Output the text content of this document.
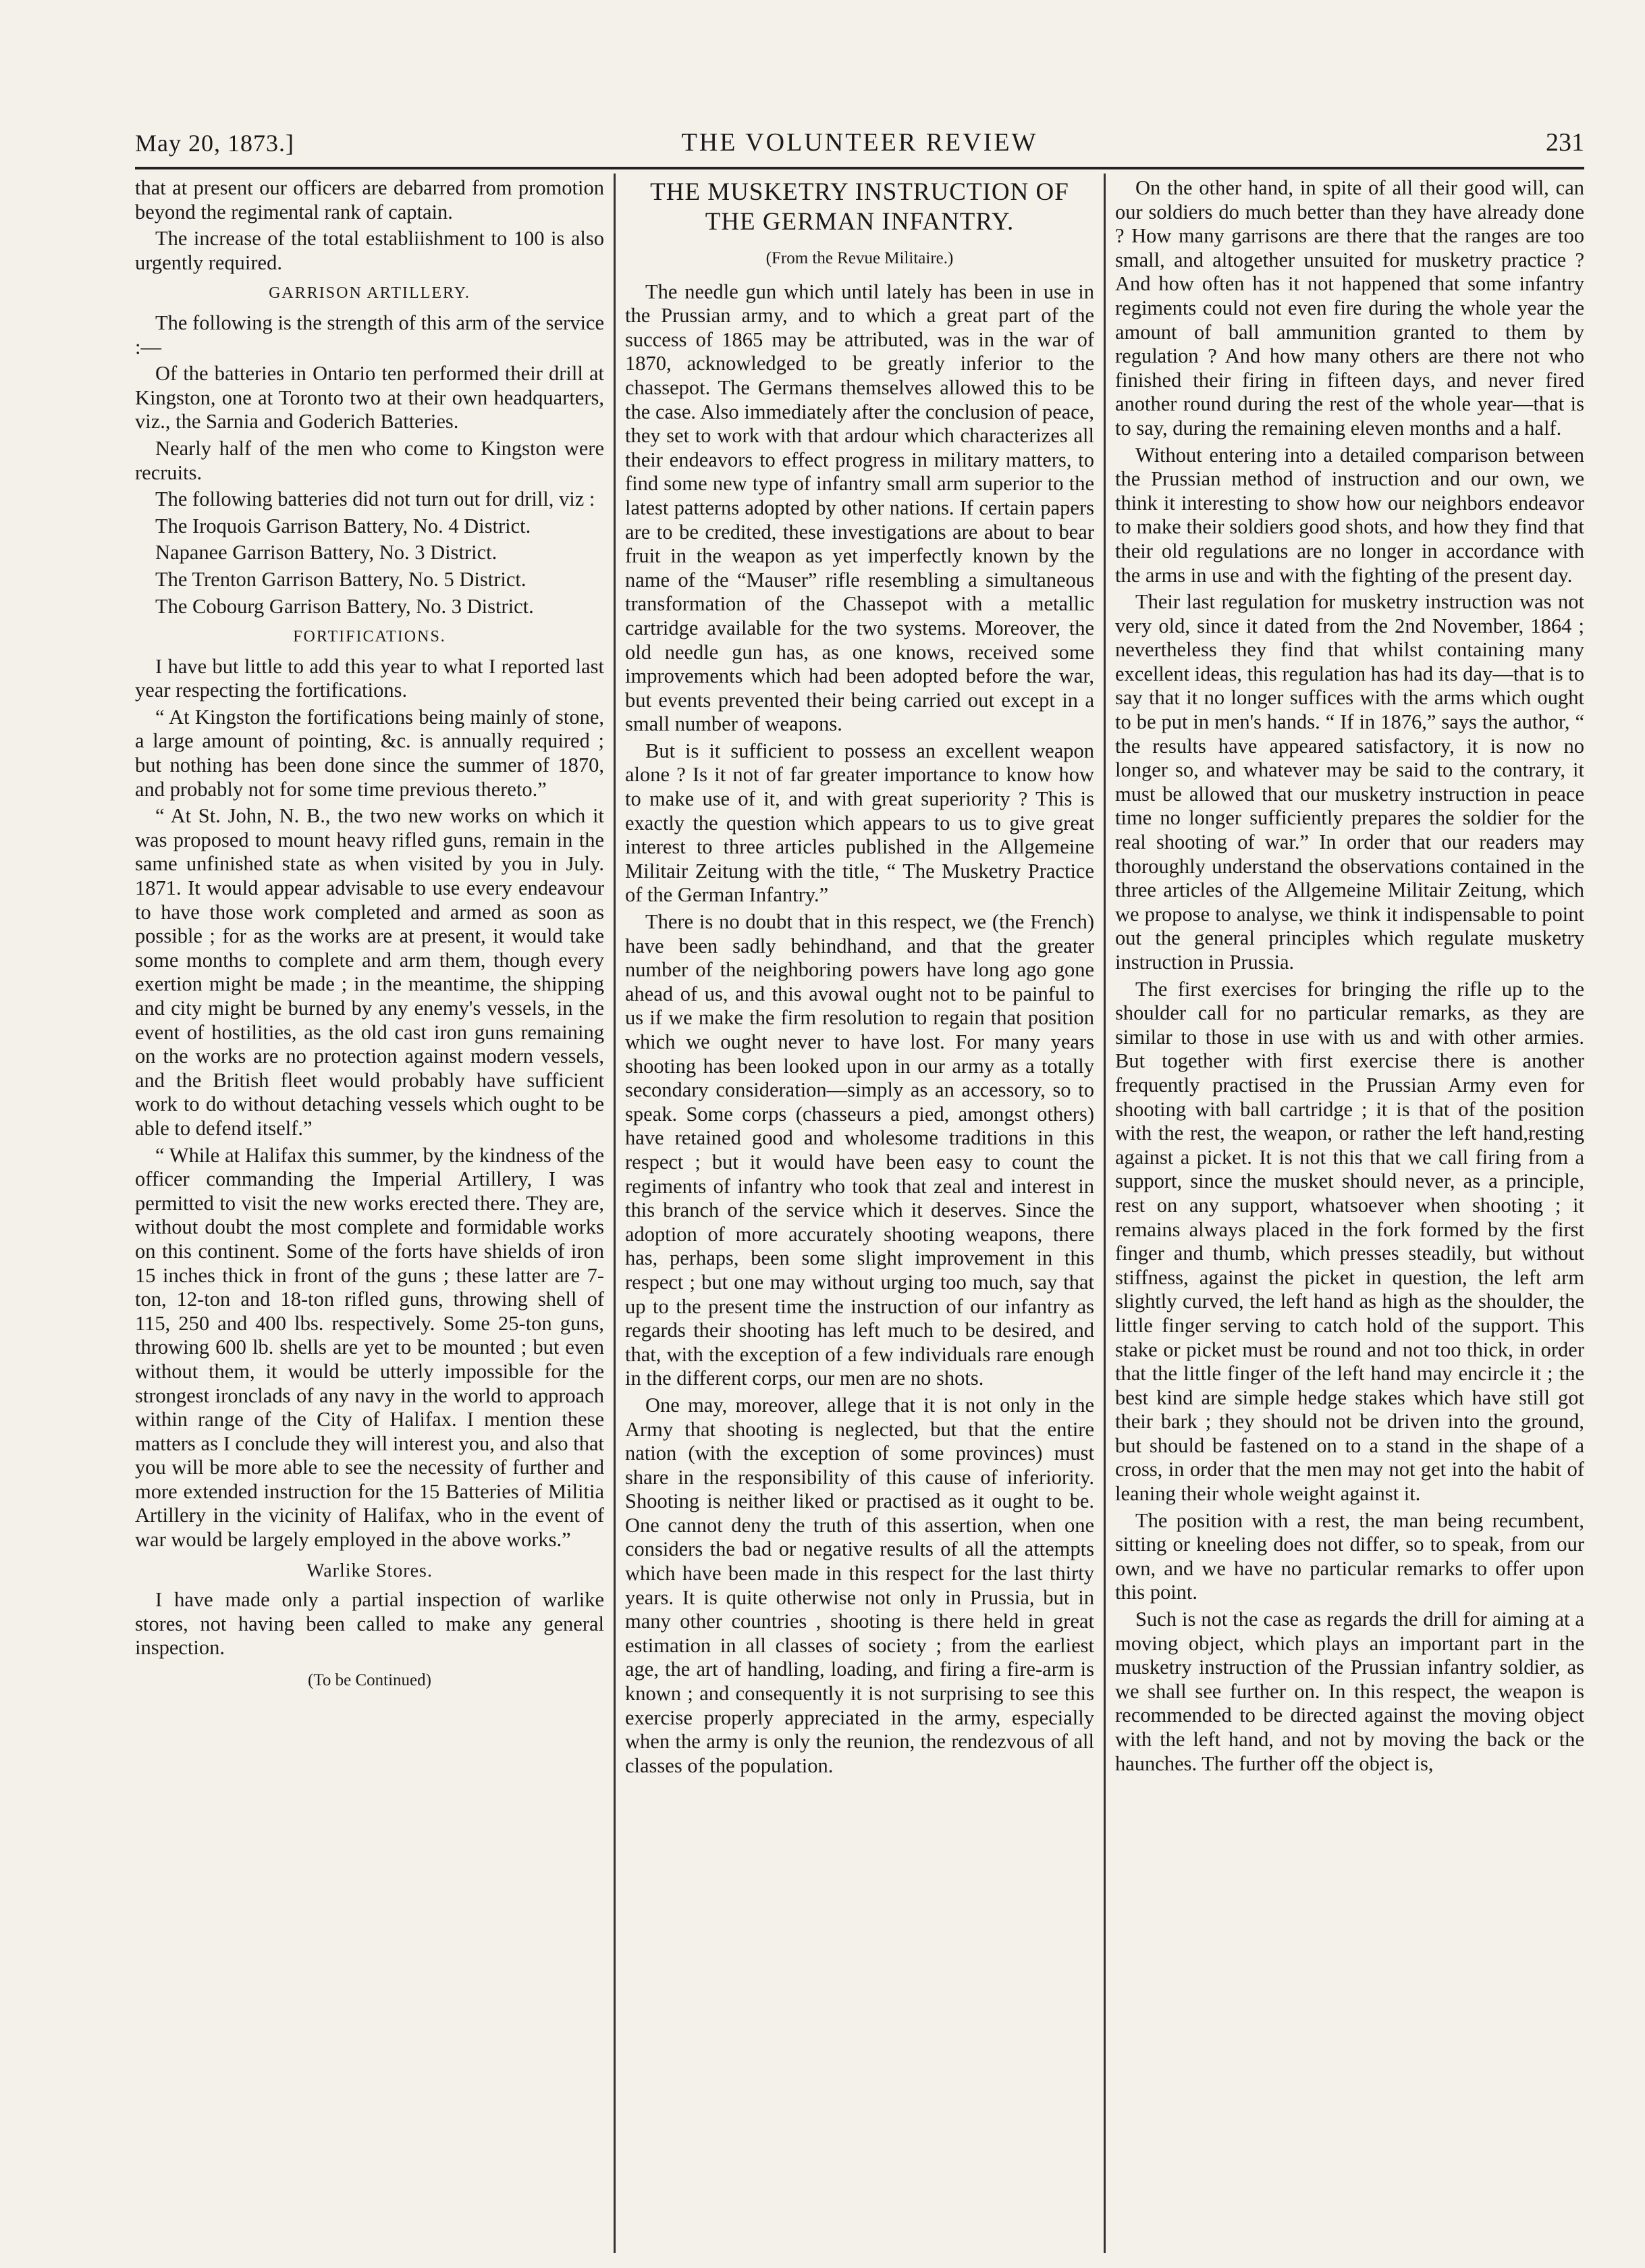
May 20, 1873.]	THE VOLUNTEER REVIEW	231

that at present our officers are debarred from promotion beyond the regimental rank of captain.

The increase of the total establiishment to 100 is also urgently required.

GARRISON ARTILLERY.

The following is the strength of this arm of the service :—

Of the batteries in Ontario ten performed their drill at Kingston, one at Toronto two at their own headquarters, viz., the Sarnia and Goderich Batteries.

Nearly half of the men who come to Kingston were recruits.

The following batteries did not turn out for drill, viz :

The Iroquois Garrison Battery, No. 4 District.

Napanee Garrison Battery, No. 3 District.

The Trenton Garrison Battery, No. 5 District.

The Cobourg Garrison Battery, No. 3 District.

FORTIFICATIONS.

I have but little to add this year to what I reported last year respecting the fortifications.

“ At Kingston the fortifications being mainly of stone, a large amount of pointing, &c. is annually required ; but nothing has been done since the summer of 1870, and probably not for some time previous thereto.”

“ At St. John, N. B., the two new works on which it was proposed to mount heavy rifled guns, remain in the same unfinished state as when visited by you in July. 1871. It would appear advisable to use every endeavour to have those work completed and armed as soon as possible ; for as the works are at present, it would take some months to complete and arm them, though every exertion might be made ; in the meantime, the shipping and city might be burned by any enemy's vessels, in the event of hostilities, as the old cast iron guns remaining on the works are no protection against modern vessels, and the British fleet would probably have sufficient work to do without detaching vessels which ought to be able to defend itself.”

“ While at Halifax this summer, by the kindness of the officer commanding the Imperial Artillery, I was permitted to visit the new works erected there. They are, without doubt the most complete and formidable works on this continent. Some of the forts have shields of iron 15 inches thick in front of the guns ; these latter are 7-ton, 12-ton and 18-ton rifled guns, throwing shell of 115, 250 and 400 lbs. respectively. Some 25-ton guns, throwing 600 lb. shells are yet to be mounted ; but even without them, it would be utterly impossible for the strongest ironclads of any navy in the world to approach within range of the City of Halifax. I mention these matters as I conclude they will interest you, and also that you will be more able to see the necessity of further and more extended instruction for the 15 Batteries of Militia Artillery in the vicinity of Halifax, who in the event of war would be largely employed in the above works.”

Warlike Stores.

I have made only a partial inspection of warlike stores, not having been called to make any general inspection.

(To be Continued)

THE MUSKETRY INSTRUCTION OF THE GERMAN INFANTRY.

(From the Revue Militaire.)

The needle gun which until lately has been in use in the Prussian army, and to which a great part of the success of 1865 may be attributed, was in the war of 1870, acknowledged to be greatly inferior to the chassepot. The Germans themselves allowed this to be the case. Also immediately after the conclusion of peace, they set to work with that ardour which characterizes all their endeavors to effect progress in military matters, to find some new type of infantry small arm superior to the latest patterns adopted by other nations. If certain papers are to be credited, these investigations are about to bear fruit in the weapon as yet imperfectly known by the name of the “Mauser” rifle resembling a simultaneous transformation of the Chassepot with a metallic cartridge available for the two systems. Moreover, the old needle gun has, as one knows, received some improvements which had been adopted before the war, but events prevented their being carried out except in a small number of weapons.

But is it sufficient to possess an excellent weapon alone ? Is it not of far greater importance to know how to make use of it, and with great superiority ? This is exactly the question which appears to us to give great interest to three articles published in the Allgemeine Militair Zeitung with the title, “ The Musketry Practice of the German Infantry.”

There is no doubt that in this respect, we (the French) have been sadly behindhand, and that the greater number of the neighboring powers have long ago gone ahead of us, and this avowal ought not to be painful to us if we make the firm resolution to regain that position which we ought never to have lost. For many years shooting has been looked upon in our army as a totally secondary consideration—simply as an accessory, so to speak. Some corps (chasseurs a pied, amongst others) have retained good and wholesome traditions in this respect ; but it would have been easy to count the regiments of infantry who took that zeal and interest in this branch of the service which it deserves. Since the adoption of more accurately shooting weapons, there has, perhaps, been some slight improvement in this respect ; but one may without urging too much, say that up to the present time the instruction of our infantry as regards their shooting has left much to be desired, and that, with the exception of a few individuals rare enough in the different corps, our men are no shots.

One may, moreover, allege that it is not only in the Army that shooting is neglected, but that the entire nation (with the exception of some provinces) must share in the responsibility of this cause of inferiority. Shooting is neither liked or practised as it ought to be. One cannot deny the truth of this assertion, when one considers the bad or negative results of all the attempts which have been made in this respect for the last thirty years. It is quite otherwise not only in Prussia, but in many other countries , shooting is there held in great estimation in all classes of society ; from the earliest age, the art of handling, loading, and firing a fire-arm is known ; and consequently it is not surprising to see this exercise properly appreciated in the army, especially when the army is only the reunion, the rendezvous of all classes of the population.

On the other hand, in spite of all their good will, can our soldiers do much better than they have already done ? How many garrisons are there that the ranges are too small, and altogether unsuited for musketry practice ? And how often has it not happened that some infantry regiments could not even fire during the whole year the amount of ball ammunition granted to them by regulation ? And how many others are there not who finished their firing in fifteen days, and never fired another round during the rest of the whole year—that is to say, during the remaining eleven months and a half.

Without entering into a detailed comparison between the Prussian method of instruction and our own, we think it interesting to show how our neighbors endeavor to make their soldiers good shots, and how they find that their old regulations are no longer in accordance with the arms in use and with the fighting of the present day.

Their last regulation for musketry instruction was not very old, since it dated from the 2nd November, 1864 ; nevertheless they find that whilst containing many excellent ideas, this regulation has had its day—that is to say that it no longer suffices with the arms which ought to be put in men's hands. “ If in 1876,” says the author, “ the results have appeared satisfactory, it is now no longer so, and whatever may be said to the contrary, it must be allowed that our musketry instruction in peace time no longer sufficiently prepares the soldier for the real shooting of war.” In order that our readers may thoroughly understand the observations contained in the three articles of the Allgemeine Militair Zeitung, which we propose to analyse, we think it indispensable to point out the general principles which regulate musketry instruction in Prussia.

The first exercises for bringing the rifle up to the shoulder call for no particular remarks, as they are similar to those in use with us and with other armies. But together with first exercise there is another frequently practised in the Prussian Army even for shooting with ball cartridge ; it is that of the position with the rest, the weapon, or rather the left hand,resting against a picket. It is not this that we call firing from a support, since the musket should never, as a principle, rest on any support, whatsoever when shooting ; it remains always placed in the fork formed by the first finger and thumb, which presses steadily, but without stiffness, against the picket in question, the left arm slightly curved, the left hand as high as the shoulder, the little finger serving to catch hold of the support. This stake or picket must be round and not too thick, in order that the little finger of the left hand may encircle it ; the best kind are simple hedge stakes which have still got their bark ; they should not be driven into the ground, but should be fastened on to a stand in the shape of a cross, in order that the men may not get into the habit of leaning their whole weight against it.

The position with a rest, the man being recumbent, sitting or kneeling does not differ, so to speak, from our own, and we have no particular remarks to offer upon this point.

Such is not the case as regards the drill for aiming at a moving object, which plays an important part in the musketry instruction of the Prussian infantry soldier, as we shall see further on. In this respect, the weapon is recommended to be directed against the moving object with the left hand, and not by moving the back or the haunches. The further off the object is,
